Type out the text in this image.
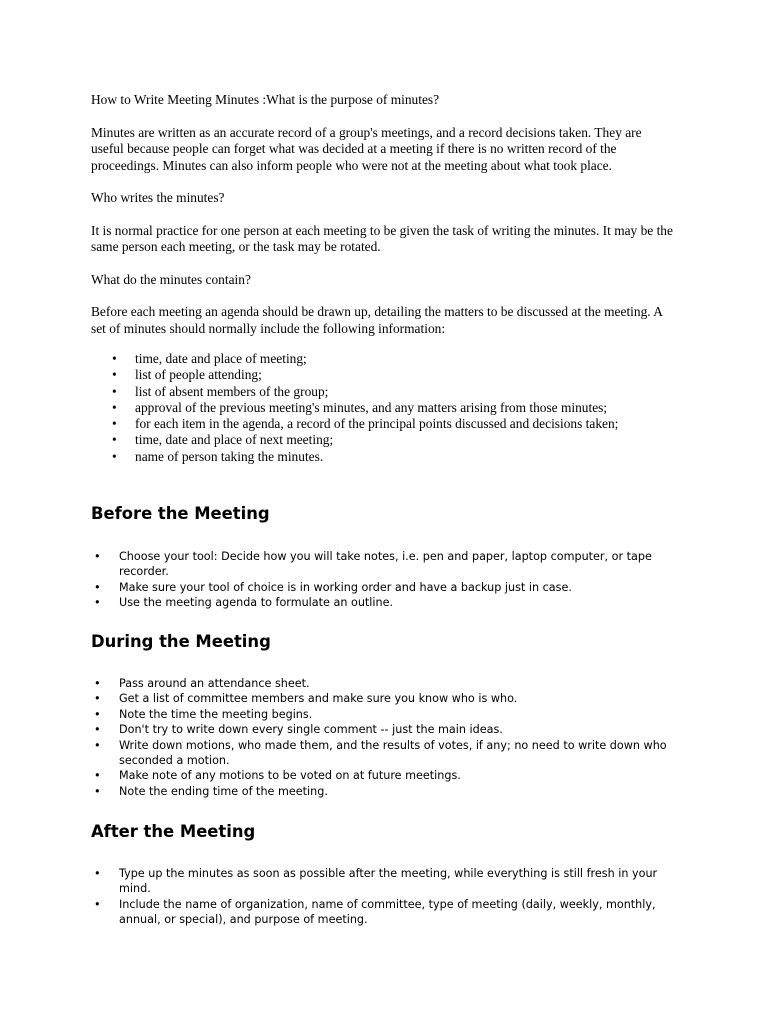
How to Write Meeting Minutes :What is the purpose of minutes?

Minutes are written as an accurate record of a group's meetings, and a record decisions taken. They are useful because people can forget what was decided at a meeting if there is no written record of the proceedings. Minutes can also inform people who were not at the meeting about what took place.

Who writes the minutes?

It is normal practice for one person at each meeting to be given the task of writing the minutes. It may be the same person each meeting, or the task may be rotated.

What do the minutes contain?

Before each meeting an agenda should be drawn up, detailing the matters to be discussed at the meeting. A set of minutes should normally include the following information:

• time, date and place of meeting;
• list of people attending;
• list of absent members of the group;
• approval of the previous meeting's minutes, and any matters arising from those minutes;
• for each item in the agenda, a record of the principal points discussed and decisions taken;
• time, date and place of next meeting;
• name of person taking the minutes.
Before the Meeting
• Choose your tool: Decide how you will take notes, i.e. pen and paper, laptop computer, or tape recorder.
• Make sure your tool of choice is in working order and have a backup just in case.
• Use the meeting agenda to formulate an outline.
During the Meeting
• Pass around an attendance sheet.
• Get a list of committee members and make sure you know who is who.
• Note the time the meeting begins.
• Don't try to write down every single comment -- just the main ideas.
• Write down motions, who made them, and the results of votes, if any; no need to write down who seconded a motion.
• Make note of any motions to be voted on at future meetings.
• Note the ending time of the meeting.
After the Meeting
• Type up the minutes as soon as possible after the meeting, while everything is still fresh in your mind.
• Include the name of organization, name of committee, type of meeting (daily, weekly, monthly, annual, or special), and purpose of meeting.
